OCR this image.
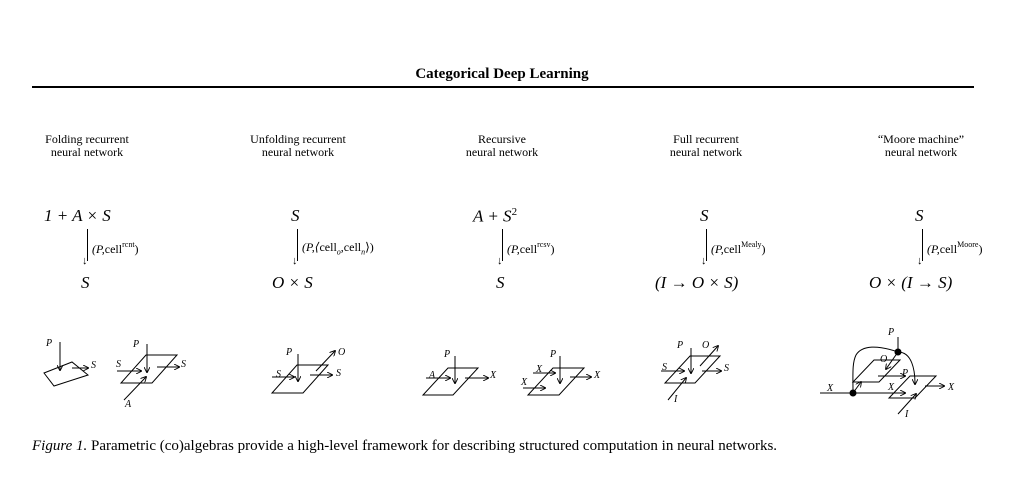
Categorical Deep Learning
Folding recurrent
neural network
Unfolding recurrent
neural network
Recursive
neural network
Full recurrent
neural network
“Moore machine”
neural network
1 + A × S
↓
(P,cell$^{rcnt}$)
S
S
↓
(P,⟨cell$_o$,cell$_n$⟩)
O × S
$A + S^2$
↓
(P,cell$^{rcsv}$)
S
S
↓
(P,cell$^{Mealy}$)
(I → O × S)
S
↓
(P,cell$^{Moore}$)
O × (I → S)
P
S
P
S	S
A
P	O
S	S
P
A	X
P
X
X
X
P O
S	S
I
P
O
P
X	X	X
I
Figure 1. Parametric (co)algebras provide a high-level framework for describing structured computation in neural networks.
